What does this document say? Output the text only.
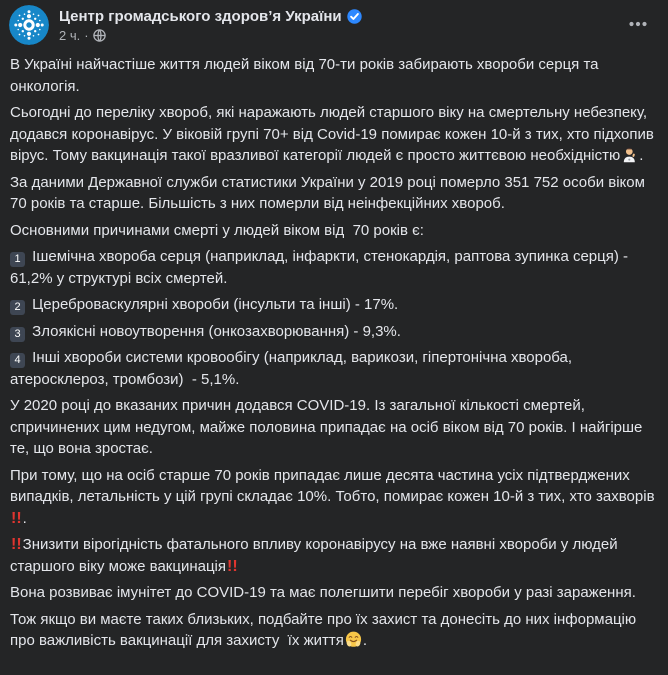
Центр громадського здоров’я України
2 ч. ·

В Україні найчастіше життя людей віком від 70-ти років забирають хвороби серця та онкологія.

Сьогодні до переліку хвороб, які наражають людей старшого віку на смертельну небезпеку, додався коронавірус. У віковій групі 70+ від Covid-19 помирає кожен 10-й з тих, хто підхопив вірус. Тому вакцинація такої вразливої категорії людей є просто життєвою необхідністю .

За даними Державної служби статистики України у 2019 році померло 351 752 особи віком 70 років та старше. Більшість з них померли від неінфекційних хвороб.

Основними причинами смерті у людей віком від  70 років є:

1 Ішемічна хвороба серця (наприклад, інфаркти, стенокардія, раптова зупинка серця) - 61,2% у структурі всіх смертей.

2 Цереброваскулярні хвороби (інсульти та інші) - 17%.

3 Злоякісні новоутворення (онкозахворювання) - 9,3%.

4 Інші хвороби системи кровообігу (наприклад, варикози, гіпертонічна хвороба, атеросклероз, тромбози)  - 5,1%.

У 2020 році до вказаних причин додався COVID-19. Із загальної кількості смертей, спричинених цим недугом, майже половина припадає на осіб віком від 70 років. І найгірше те, що вона зростає.

При тому, що на осіб старше 70 років припадає лише десята частина усіх підтверджених випадків, летальність у цій групі складає 10%. Тобто, помирає кожен 10-й з тих, хто захворів !!.

!!Знизити вірогідність фатального впливу коронавірусу на вже наявні хвороби у людей старшого віку може вакцинація!!

Вона розвиває імунітет до COVID-19 та має полегшити перебіг хвороби у разі зараження.

Тож якщо ви маєте таких близьких, подбайте про їх захист та донесіть до них інформацію про важливість вакцинації для захисту  їх життя .
